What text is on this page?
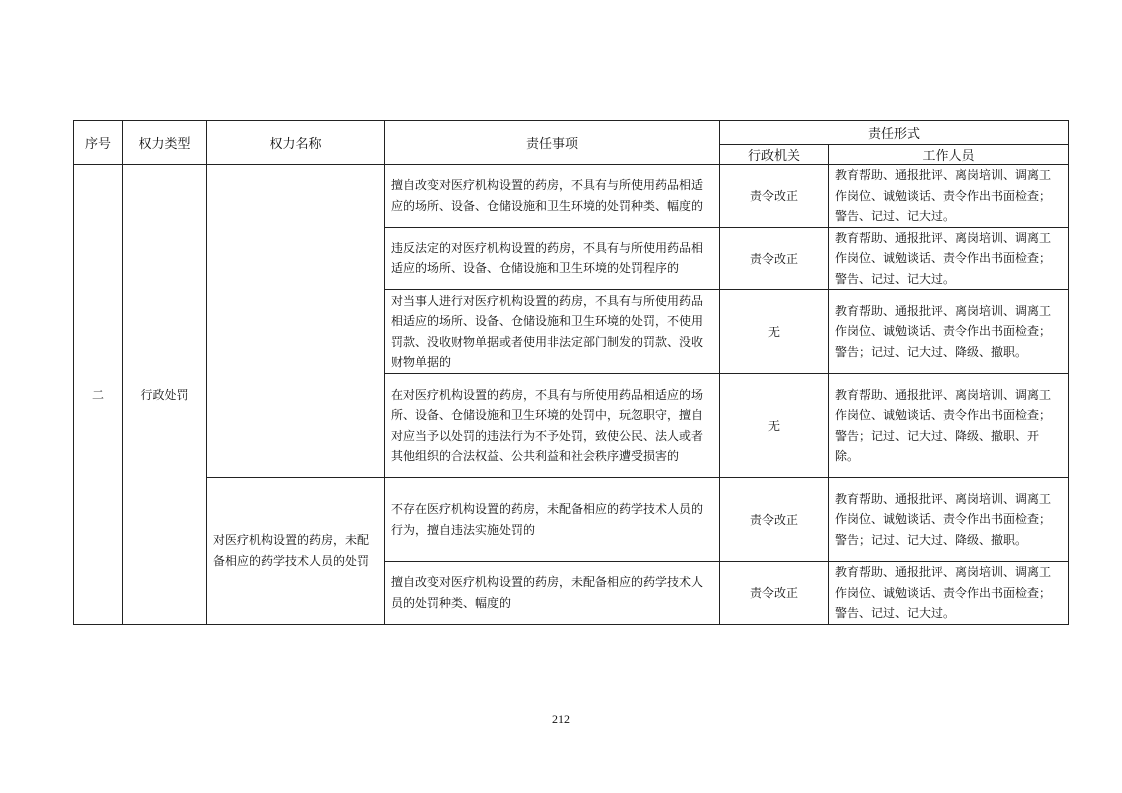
序号	权力类型	权力名称	责任事项	责任形式	
				行政机关	工作人员
二	行政处罚		擅自改变对医疗机构设置的药房，不具有与所使用药品相适应的场所、设备、仓储设施和卫生环境的处罚种类、幅度的	责令改正	教育帮助、通报批评、离岗培训、调离工作岗位、诚勉谈话、责令作出书面检查；警告、记过、记大过。
			违反法定的对医疗机构设置的药房，不具有与所使用药品相适应的场所、设备、仓储设施和卫生环境的处罚程序的	责令改正	教育帮助、通报批评、离岗培训、调离工作岗位、诚勉谈话、责令作出书面检查；警告、记过、记大过。
			对当事人进行对医疗机构设置的药房，不具有与所使用药品相适应的场所、设备、仓储设施和卫生环境的处罚，不使用罚款、没收财物单据或者使用非法定部门制发的罚款、没收财物单据的	无	教育帮助、通报批评、离岗培训、调离工作岗位、诚勉谈话、责令作出书面检查；警告；记过、记大过、降级、撤职。
			在对医疗机构设置的药房，不具有与所使用药品相适应的场所、设备、仓储设施和卫生环境的处罚中，玩忽职守，擅自对应当予以处罚的违法行为不予处罚，致使公民、法人或者其他组织的合法权益、公共利益和社会秩序遭受损害的	无	教育帮助、通报批评、离岗培训、调离工作岗位、诚勉谈话、责令作出书面检查；警告；记过、记大过、降级、撤职、开除。
		对医疗机构设置的药房，未配备相应的药学技术人员的处罚	不存在医疗机构设置的药房，未配备相应的药学技术人员的行为，擅自违法实施处罚的	责令改正	教育帮助、通报批评、离岗培训、调离工作岗位、诚勉谈话、责令作出书面检查；警告；记过、记大过、降级、撤职。
			擅自改变对医疗机构设置的药房，未配备相应的药学技术人员的处罚种类、幅度的	责令改正	教育帮助、通报批评、离岗培训、调离工作岗位、诚勉谈话、责令作出书面检查；警告、记过、记大过。
212
